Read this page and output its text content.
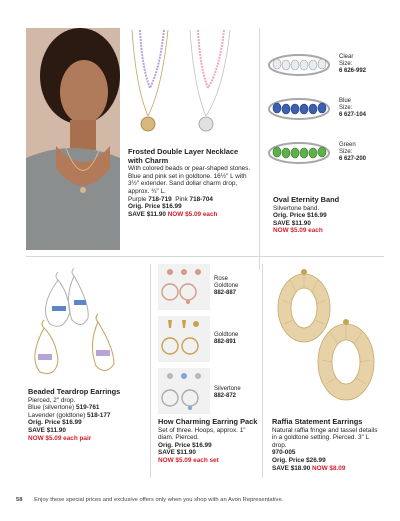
Frosted Double Layer Necklace with Charm
With colored beads or pear-shaped stones. Blue and pink set in goldtone. 16½" L with 3½" extender. Sand dollar charm drop, approx. ¾" L.
Purple 718-719 Pink 718-704
Orig. Price $16.99
SAVE $11.90 NOW $5.09 each
Clear
Size:
6 626-992
Blue
Size:
6 627-104
Green
Size:
6 627-200
Oval Eternity Band
Silvertone band.
Orig. Price $16.99
SAVE $11.90
NOW $5.09 each
Beaded Teardrop Earrings
Pierced, 2" drop.
Blue (silvertone) 519-761
Lavender (goldtone) 518-177
Orig. Price $16.99
SAVE $11.90
NOW $5.09 each pair
Rose Goldtone
882-887
Goldtone
882-891
Silvertone
882-872
How Charming Earring Pack
Set of three. Hoops, approx. 1" diam. Pierced.
Orig. Price $16.99
SAVE $11.90
NOW $5.09 each set
Raffia Statement Earrings
Natural raffia fringe and tassel details in a goldtone setting. Pierced. 3" L drop.
970-005
Orig. Price $26.99
SAVE $18.90 NOW $8.09
58 Enjoy these special prices and exclusive offers only when you shop with an Avon Representative.
